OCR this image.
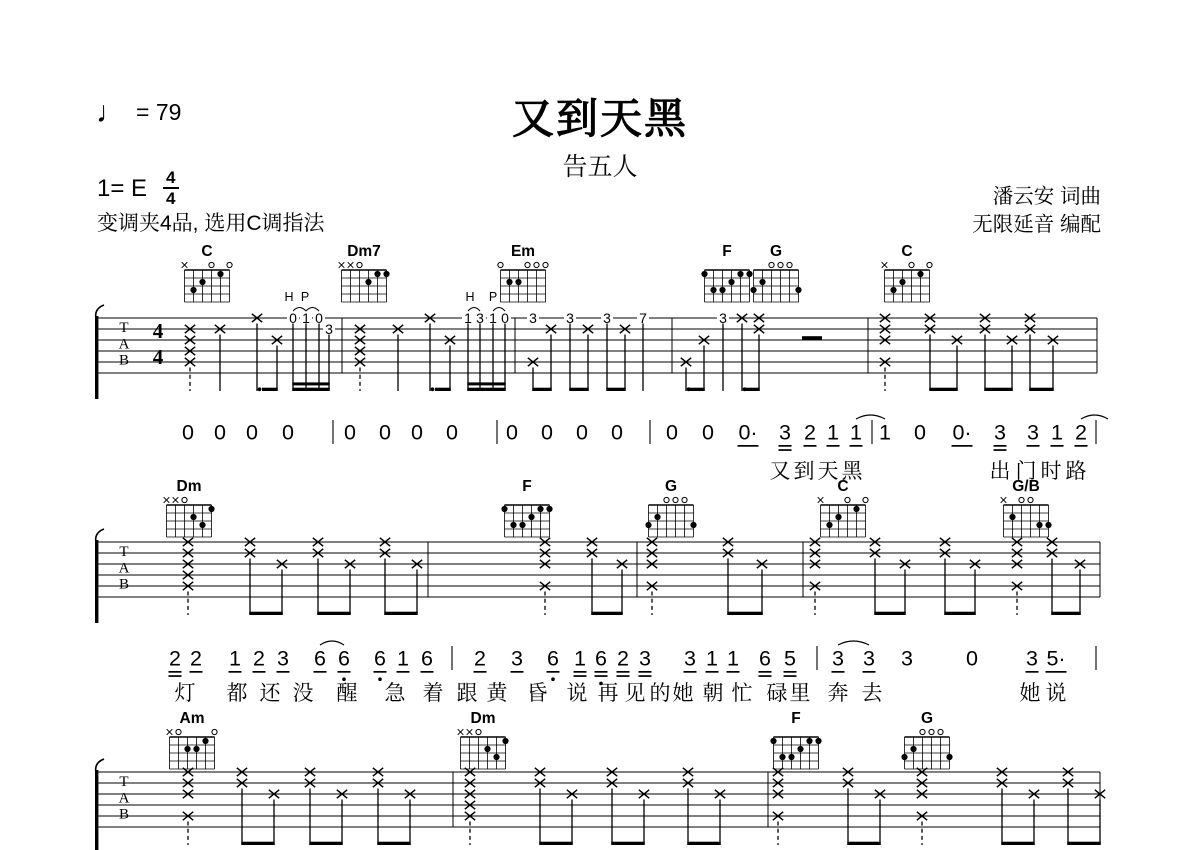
♩ = 79	又到天黑
告五人
1= E $\frac{4}{4}$
变调夹4品, 选用C调指法
潘云安 词曲
无限延音 编配
T
A
B
4
4
C	Dm7	Em	F G	C
0 1 0
3
1 3 1 0 3 3 3 7	3
H P	H P
T
A
B
Dm	F	G	C	G/B
T
A
B
Am	Dm	F	G
0 0 0 0 0 0 0 0 0 0 0 0 0 0 0· 3 2 1 1 1 0 0· 3 3 1 2
又 到 天 黑	出 门 时 路
2 2 1 2 3 6 6 6 1 6 2 3 6 1 6 2 3 3 1 1 6 5 3 3 3 0 3 5·
灯 都 还 没 醒 急 着 跟 黄 昏 说 再 见 的 她 朝 忙 碌 里 奔 去	她 说
